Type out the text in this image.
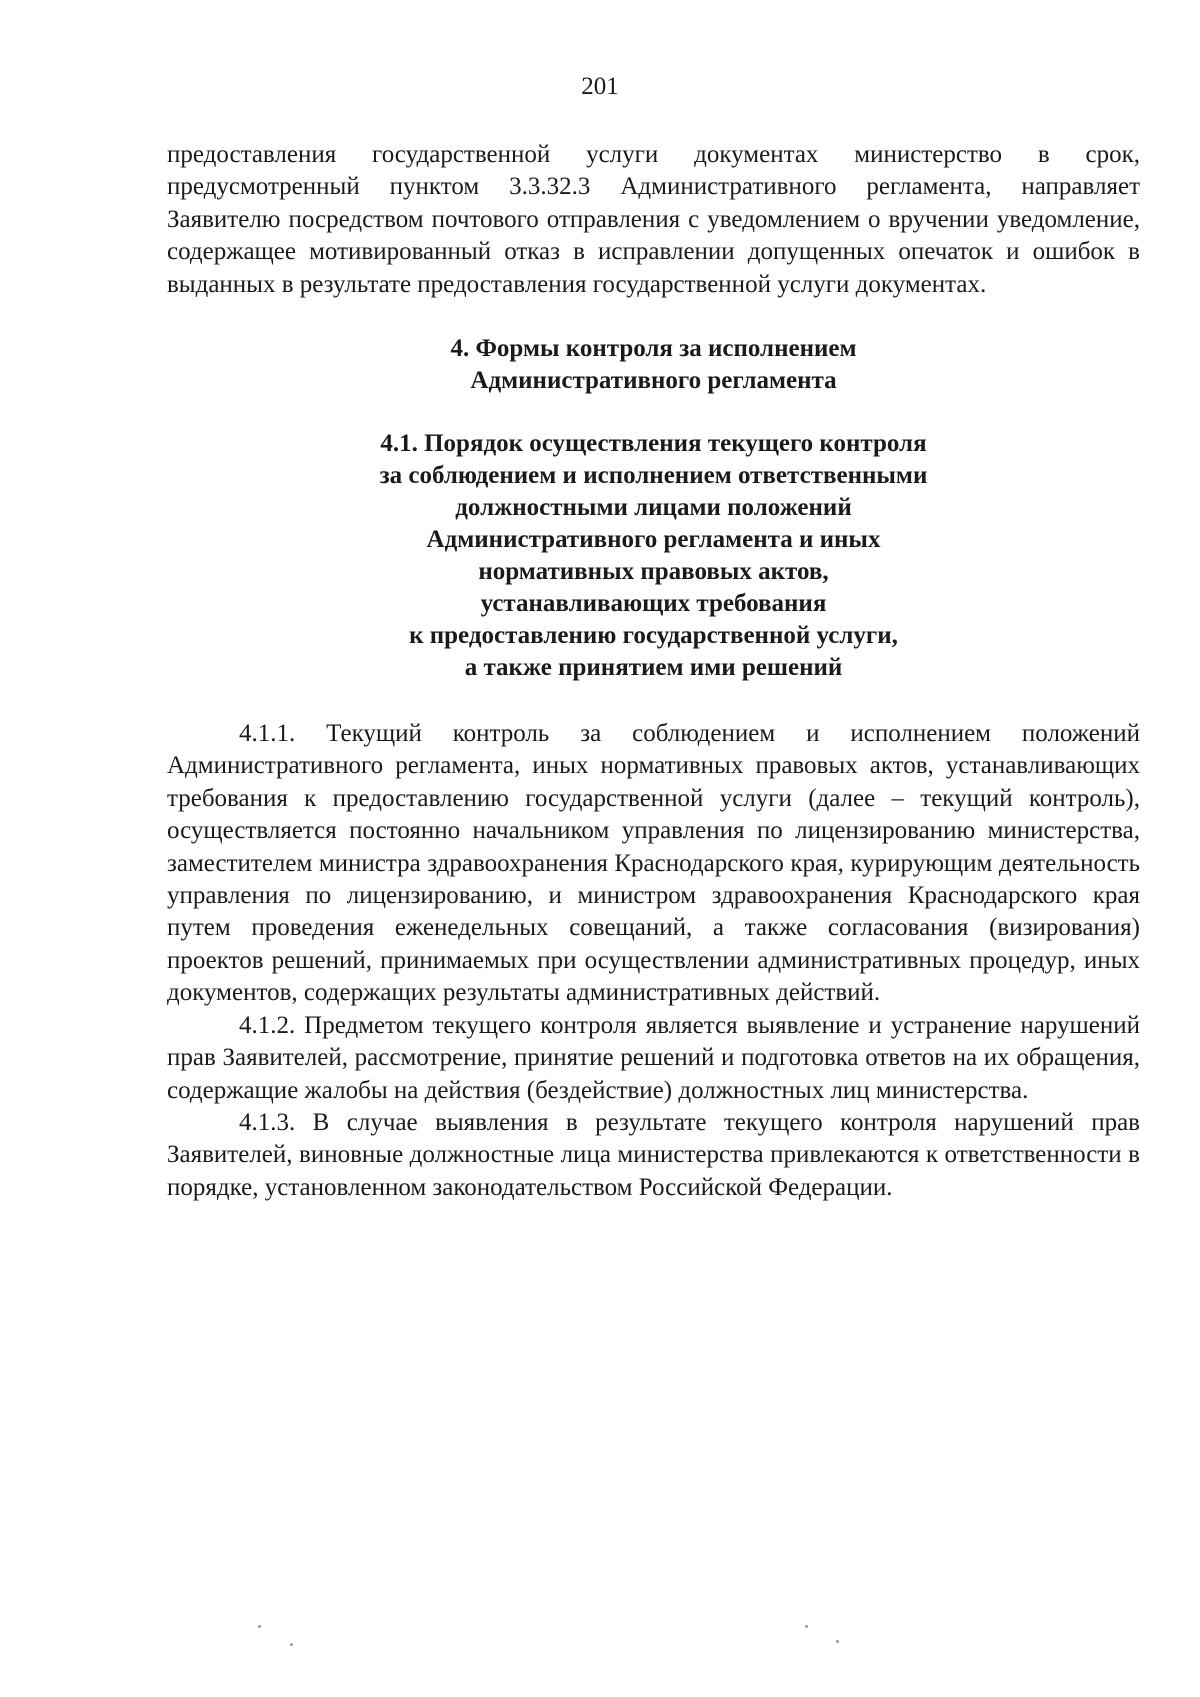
201

предоставления государственной услуги документах министерство в срок, предусмотренный пунктом 3.3.32.3 Административного регламента, направляет Заявителю посредством почтового отправления с уведомлением о вручении уведомление, содержащее мотивированный отказ в исправлении допущенных опечаток и ошибок в выданных в результате предоставления государственной услуги документах.

4. Формы контроля за исполнением
Административного регламента
4.1. Порядок осуществления текущего контроля
за соблюдением и исполнением ответственными
должностными лицами положений
Административного регламента и иных
нормативных правовых актов,
устанавливающих требования
к предоставлению государственной услуги,
а также принятием ими решений

4.1.1. Текущий контроль за соблюдением и исполнением положений Административного регламента, иных нормативных правовых актов, устанавливающих требования к предоставлению государственной услуги (далее – текущий контроль), осуществляется постоянно начальником управления по лицензированию министерства, заместителем министра здравоохранения Краснодарского края, курирующим деятельность управления по лицензированию, и министром здравоохранения Краснодарского края путем проведения еженедельных совещаний, а также согласования (визирования) проектов решений, принимаемых при осуществлении административных процедур, иных документов, содержащих результаты административных действий.

4.1.2. Предметом текущего контроля является выявление и устранение нарушений прав Заявителей, рассмотрение, принятие решений и подготовка ответов на их обращения, содержащие жалобы на действия (бездействие) должностных лиц министерства.

4.1.3. В случае выявления в результате текущего контроля нарушений прав Заявителей, виновные должностные лица министерства привлекаются к ответственности в порядке, установленном законодательством Российской Федерации.
